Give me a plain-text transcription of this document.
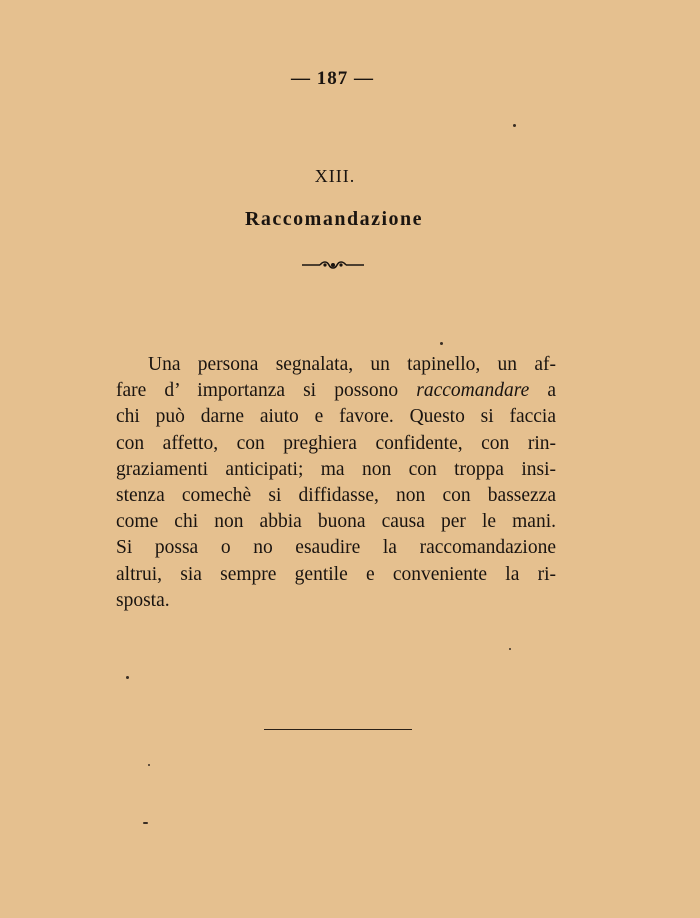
— 187 —
XIII.
Raccomandazione
Una persona segnalata, un tapinello, un af-
fare d’ importanza si possono raccomandare a
chi può darne aiuto e favore. Questo si faccia
con affetto, con preghiera confidente, con rin-
graziamenti anticipati; ma non con troppa insi-
stenza comechè si diffidasse, non con bassezza
come chi non abbia buona causa per le mani.
Si possa o no esaudire la raccomandazione
altrui, sia sempre gentile e conveniente la ri-
sposta.
